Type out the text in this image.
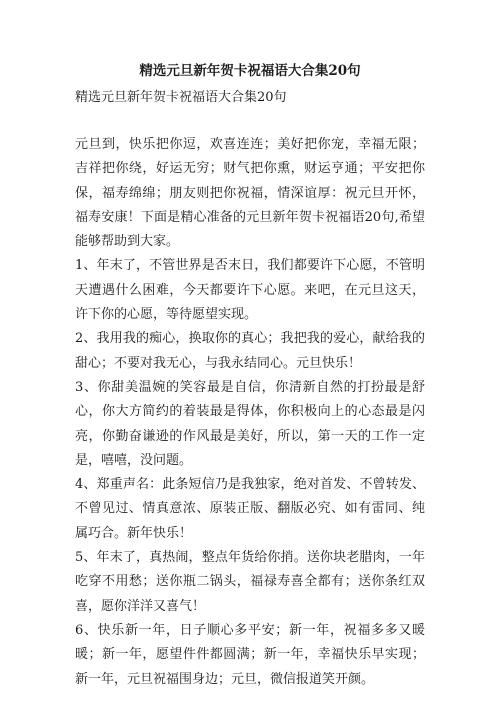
精选元旦新年贺卡祝福语大合集20句
精选元旦新年贺卡祝福语大合集20句

元旦到，快乐把你逗，欢喜连连；美好把你宠，幸福无限；吉祥把你绕，好运无穷；财气把你熏，财运亨通；平安把你保，福寿绵绵；朋友则把你祝福，情深谊厚：祝元旦开怀，福寿安康！下面是精心准备的元旦新年贺卡祝福语20句,希望能够帮助到大家。

1、年末了，不管世界是否末日，我们都要许下心愿，不管明天遭遇什么困难，今天都要许下心愿。来吧，在元旦这天，许下你的心愿，等待愿望实现。

2、我用我的痴心，换取你的真心；我把我的爱心，献给我的甜心；不要对我无心，与我永结同心。元旦快乐！

3、你甜美温婉的笑容最是自信，你清新自然的打扮最是舒心，你大方简约的着装最是得体，你积极向上的心态最是闪亮，你勤奋谦逊的作风最是美好，所以，第一天的工作一定是，嘻嘻，没问题。

4、郑重声名：此条短信乃是我独家，绝对首发、不曾转发、不曾见过、情真意浓、原装正版、翻版必究、如有雷同、纯属巧合。新年快乐！

5、年末了，真热闹，整点年货给你捎。送你块老腊肉，一年吃穿不用愁；送你瓶二锅头，福禄寿喜全都有；送你条红双喜，愿你洋洋又喜气！

6、快乐新一年，日子顺心多平安；新一年，祝福多多又暖暖；新一年，愿望件件都圆满；新一年，幸福快乐早实现；新一年，元旦祝福围身边；元旦，微信报道笑开颜。
